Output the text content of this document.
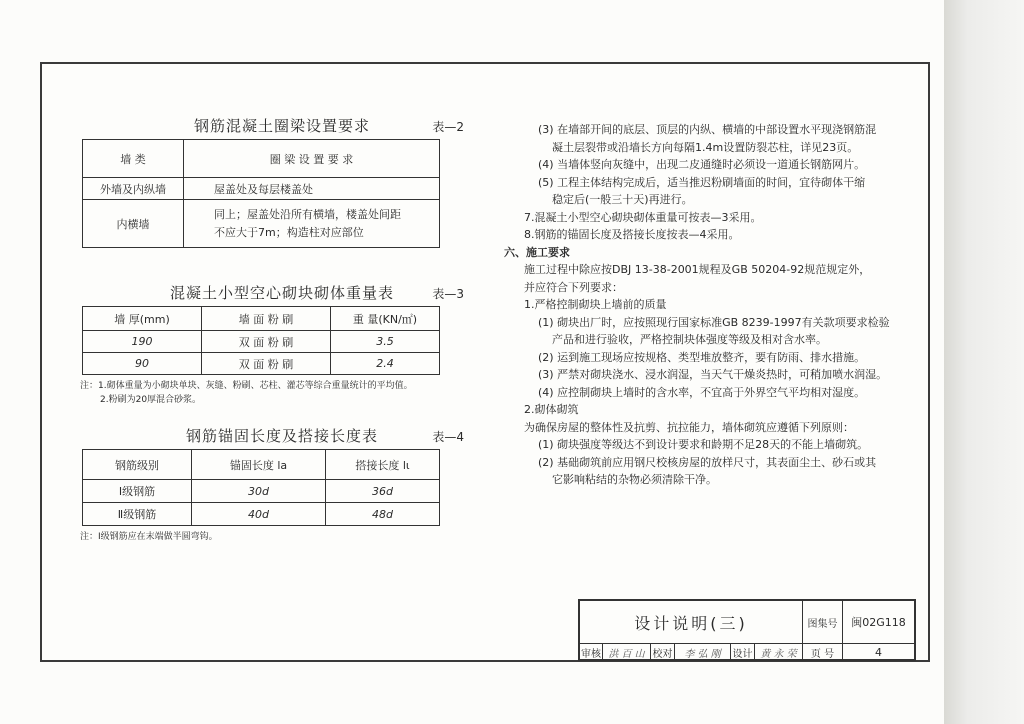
钢筋混凝土圈梁设置要求	表—2
墙 类	圈 梁 设 置 要 求
外墙及内纵墙	屋盖处及每层楼盖处
内横墙	同上；屋盖处沿所有横墙，楼盖处间距
不应大于7m；构造柱对应部位
混凝土小型空心砌块砌体重量表	表—3
墙 厚(mm)	墙 面 粉 刷	重 量(KN/㎡)
190	双 面 粉 刷	3.5
90	双 面 粉 刷	2.4
注：1.砌体重量为小砌块单块、灰缝、粉刷、芯柱、灌芯等综合重量统计的平均值。
2.粉刷为20厚混合砂浆。
钢筋锚固长度及搭接长度表	表—4
钢筋级别	锚固长度 la	搭接长度 lι
Ⅰ级钢筋	30d	36d
Ⅱ级钢筋	40d	48d
注：Ⅰ级钢筋应在末端做半圆弯钩。
(3) 在墙部开间的底层、顶层的内纵、横墙的中部设置水平现浇钢筋混
凝土层裂带或沿墙长方向每隔1.4m设置防裂芯柱，详见23页。
(4) 当墙体竖向灰缝中，出现二皮通缝时必须设一道通长钢筋网片。
(5) 工程主体结构完成后，适当推迟粉刷墙面的时间，宜待砌体干缩
稳定后(一般三十天)再进行。
7.混凝土小型空心砌块砌体重量可按表—3采用。
8.钢筋的锚固长度及搭接长度按表—4采用。
六、施工要求
施工过程中除应按DBJ 13-38-2001规程及GB 50204-92规范规定外，
并应符合下列要求：
1.严格控制砌块上墙前的质量
(1) 砌块出厂时，应按照现行国家标准GB 8239-1997有关款项要求检验
产品和进行验收，严格控制块体强度等级及相对含水率。
(2) 运到施工现场应按规格、类型堆放整齐，要有防雨、排水措施。
(3) 严禁对砌块浇水、浸水润湿，当天气干燥炎热时，可稍加喷水润湿。
(4) 应控制砌块上墙时的含水率，不宜高于外界空气平均相对湿度。
2.砌体砌筑
为确保房屋的整体性及抗剪、抗拉能力，墙体砌筑应遵循下列原则：
(1) 砌块强度等级达不到设计要求和龄期不足28天的不能上墙砌筑。
(2) 基础砌筑前应用钢尺校核房屋的放样尺寸，其表面尘土、砂石或其
它影响粘结的杂物必须清除干净。
设计说明(三)	图集号	闽02G118
审核 洪 百 山 校对	李 弘 刚	设计 黄 永 荣	页 号	4
